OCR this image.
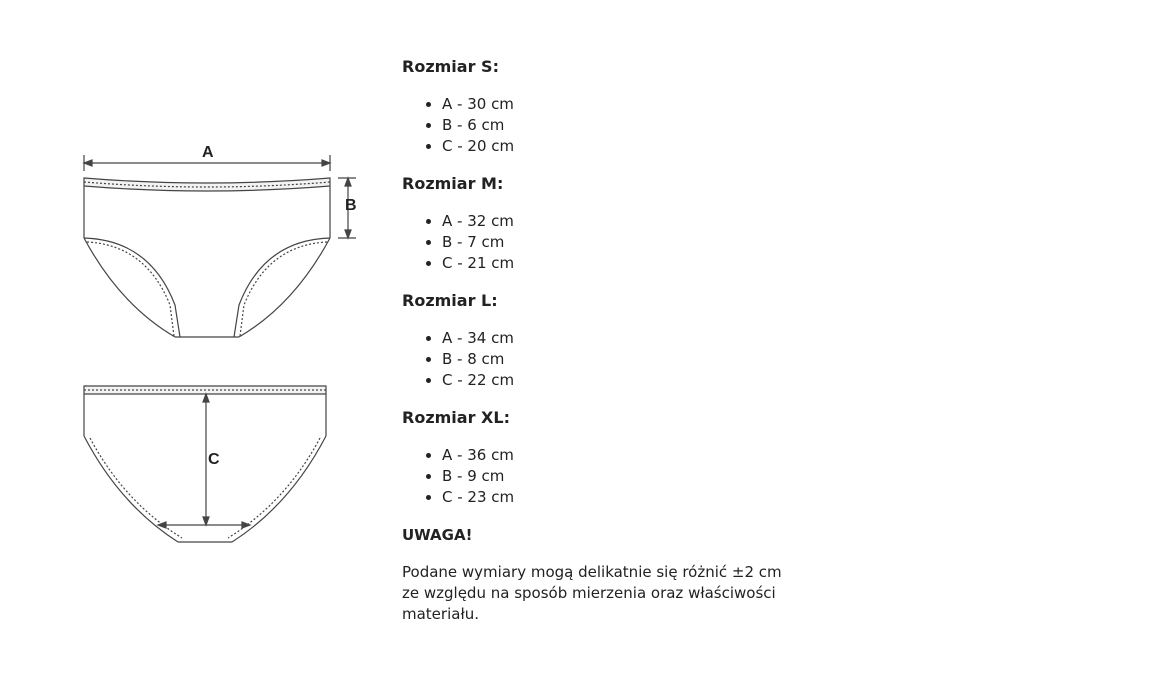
A
B
C
Rozmiar S:
• A - 30 cm
• B - 6 cm
• C - 20 cm
Rozmiar M:
• A - 32 cm
• B - 7 cm
• C - 21 cm
Rozmiar L:
• A - 34 cm
• B - 8 cm
• C - 22 cm
Rozmiar XL:
• A - 36 cm
• B - 9 cm
• C - 23 cm

UWAGA!

Podane wymiary mogą delikatnie się różnić ±2 cm ze względu na sposób mierzenia oraz właściwości materiału.
